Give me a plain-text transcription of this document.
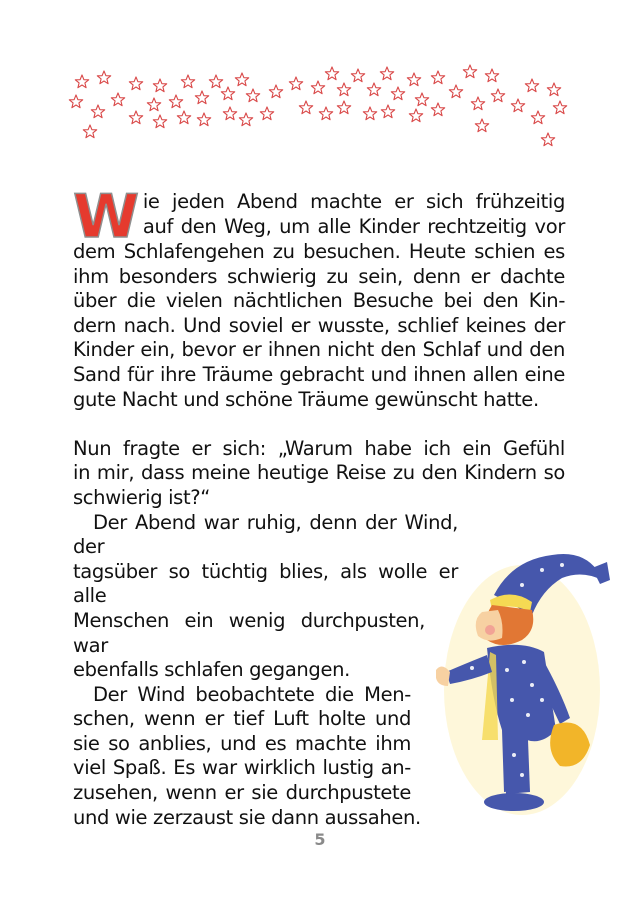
W ie jeden Abend machte er sich frühzeitig
auf den Weg, um alle Kinder rechtzeitig vor
dem Schlafengehen zu besuchen. Heute schien es
ihm besonders schwierig zu sein, denn er dachte
über die vielen nächtlichen Besuche bei den Kin-
dern nach. Und soviel er wusste, schlief keines der
Kinder ein, bevor er ihnen nicht den Schlaf und den
Sand für ihre Träume gebracht und ihnen allen eine
gute Nacht und schöne Träume gewünscht hatte.

Nun fragte er sich: „Warum habe ich ein Gefühl
in mir, dass meine heutige Reise zu den Kindern so
schwierig ist?“

Der Abend war ruhig, denn der Wind, der
tagsüber so tüchtig blies, als wolle er alle
Menschen ein wenig durchpusten, war
ebenfalls schlafen gegangen.

Der Wind beobachtete die Men-
schen, wenn er tief Luft holte und
sie so anblies, und es machte ihm
viel Spaß. Es war wirklich lustig an-
zusehen, wenn er sie durchpustete
und wie zerzaust sie dann aussahen.

5
